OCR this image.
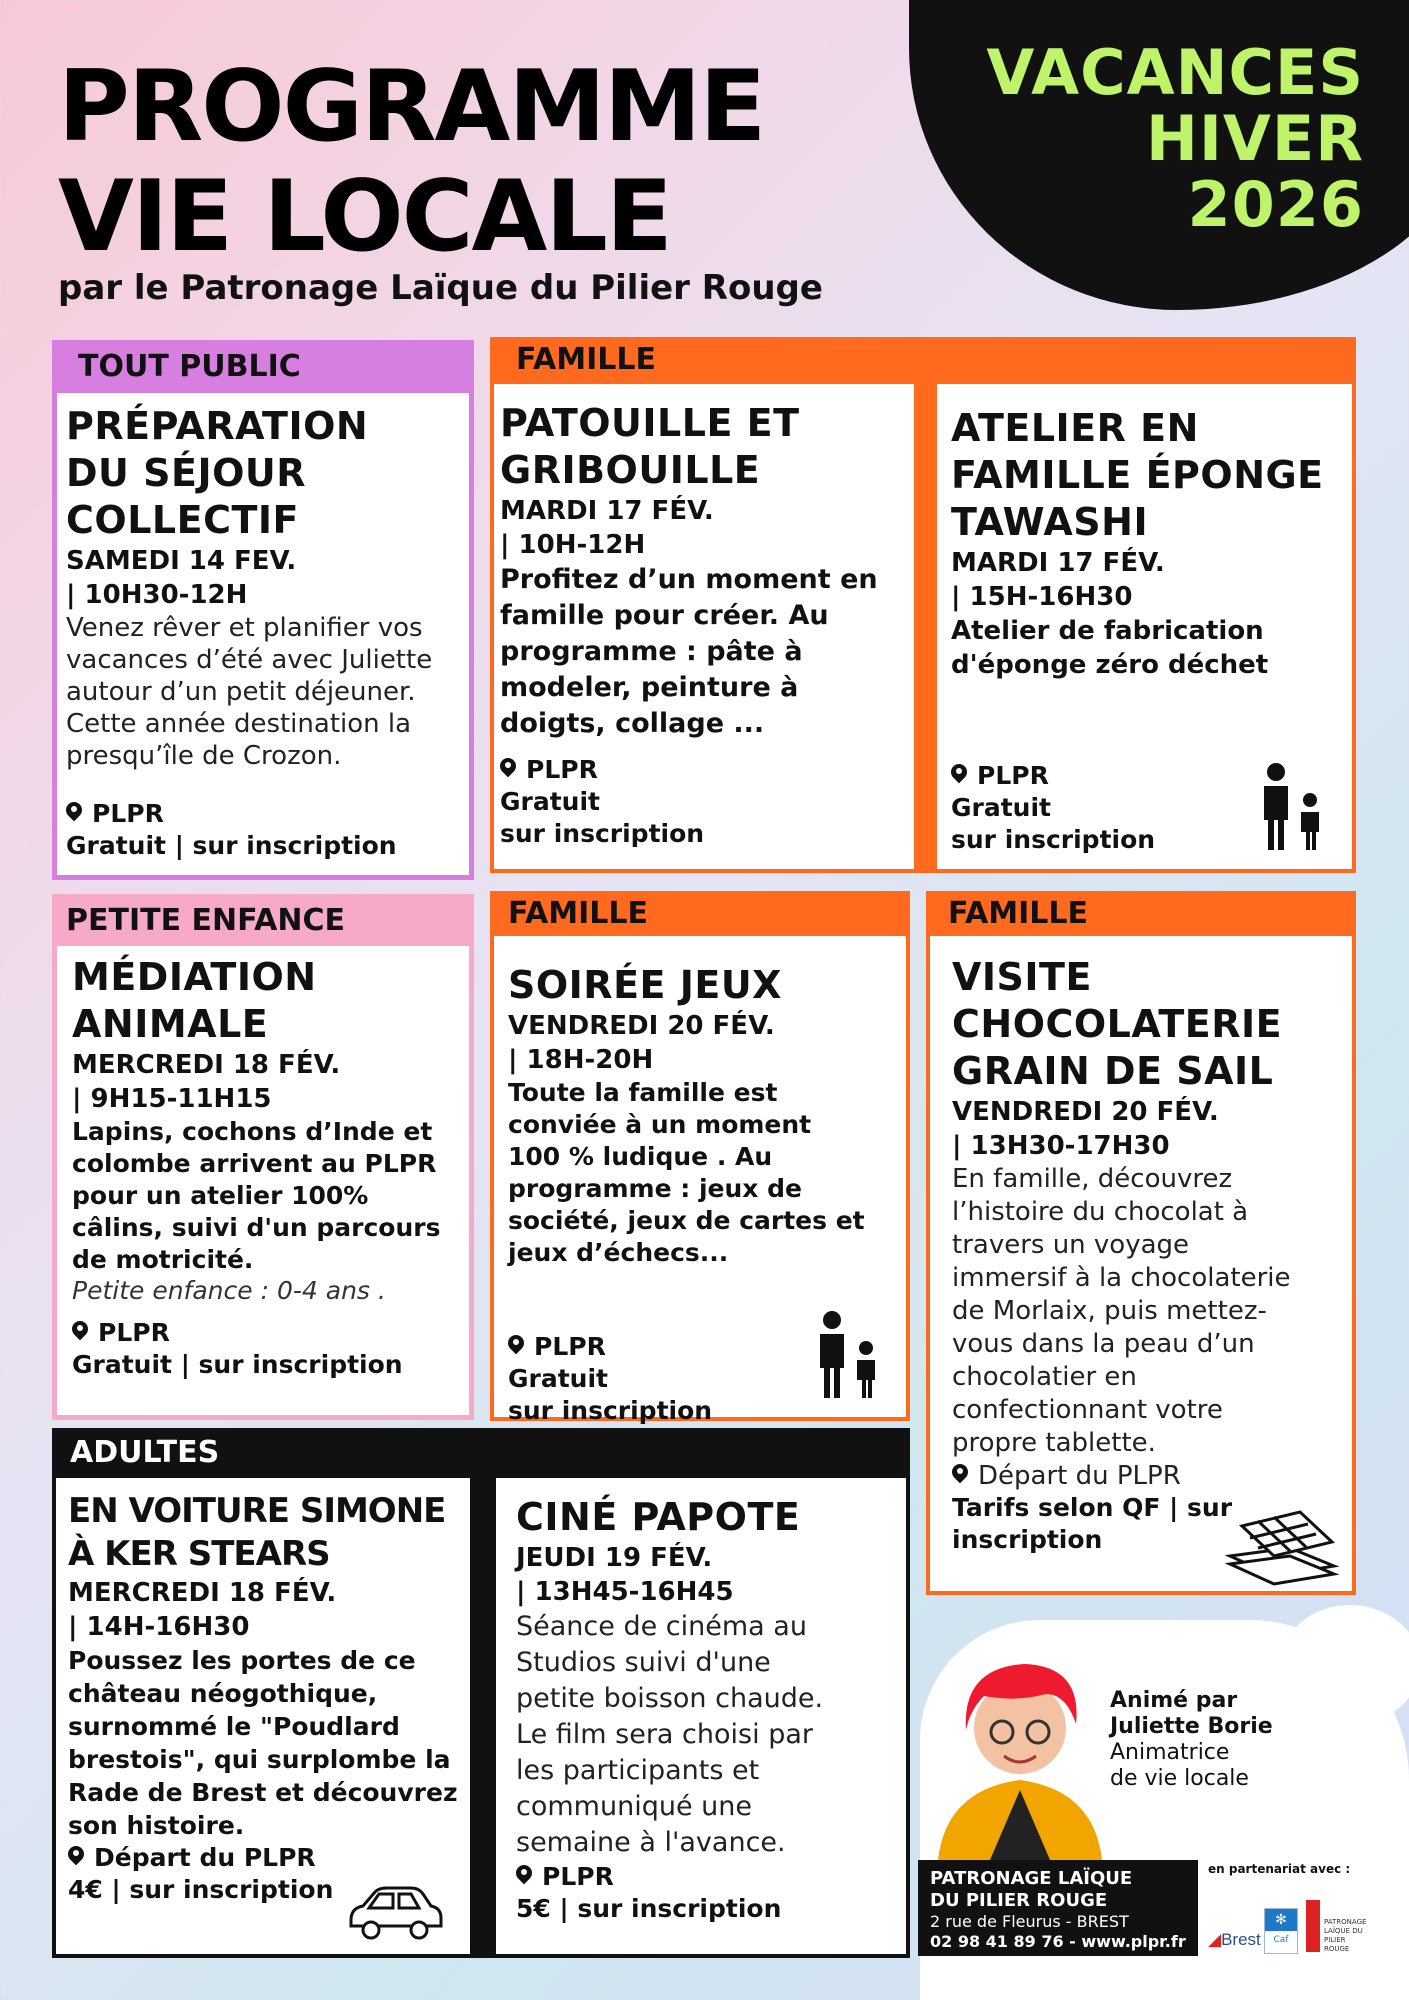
VACANCES
HIVER
2026
PROGRAMME
VIE LOCALE
par le Patronage Laïque du Pilier Rouge
TOUT PUBLIC
PRÉPARATION
DU SÉJOUR
COLLECTIF
SAMEDI 14 FEV.
| 10H30-12H
Venez rêver et planifier vos
vacances d’été avec Juliette
autour d’un petit déjeuner.
Cette année destination la
presqu’île de Crozon.
PLPR
Gratuit | sur inscription
FAMILLE
PATOUILLE ET
GRIBOUILLE
MARDI 17 FÉV.
| 10H-12H
Profitez d’un moment en
famille pour créer. Au
programme : pâte à
modeler, peinture à
doigts, collage ...
PLPR
Gratuit
sur inscription
ATELIER EN
FAMILLE ÉPONGE
TAWASHI
MARDI 17 FÉV.
| 15H-16H30
Atelier de fabrication
d'éponge zéro déchet
PLPR
Gratuit
sur inscription
PETITE ENFANCE
MÉDIATION
ANIMALE
MERCREDI 18 FÉV.
| 9H15-11H15
Lapins, cochons d’Inde et
colombe arrivent au PLPR
pour un atelier 100%
câlins, suivi d'un parcours
de motricité.
Petite enfance : 0-4 ans .
PLPR
Gratuit | sur inscription
FAMILLE
SOIRÉE JEUX
VENDREDI 20 FÉV.
| 18H-20H
Toute la famille est
conviée à un moment
100 % ludique . Au
programme : jeux de
société, jeux de cartes et
jeux d’échecs...
PLPR
Gratuit
sur inscription
FAMILLE
VISITE
CHOCOLATERIE
GRAIN DE SAIL
VENDREDI 20 FÉV.
| 13H30-17H30
En famille, découvrez
l’histoire du chocolat à
travers un voyage
immersif à la chocolaterie
de Morlaix, puis mettez-
vous dans la peau d’un
chocolatier en
confectionnant votre
propre tablette.
Départ du PLPR
Tarifs selon QF | sur
inscription
ADULTES
EN VOITURE SIMONE
À KER STEARS
MERCREDI 18 FÉV.
| 14H-16H30
Poussez les portes de ce
château néogothique,
surnommé le "Poudlard
brestois", qui surplombe la
Rade de Brest et découvrez
son histoire.
Départ du PLPR
4€ | sur inscription
CINÉ PAPOTE
JEUDI 19 FÉV.
| 13H45-16H45
Séance de cinéma au
Studios suivi d'une
petite boisson chaude.
Le film sera choisi par
les participants et
communiqué une
semaine à l'avance.
PLPR
5€ | sur inscription
Animé par
Juliette Borie
Animatrice
de vie locale
PATRONAGE LAÏQUE
DU PILIER ROUGE
2 rue de Fleurus - BREST
02 98 41 89 76 - www.plpr.fr
en partenariat avec :
◢Brest
✻
Caf
PATRONAGE LAÏQUE DU PILIER ROUGE
